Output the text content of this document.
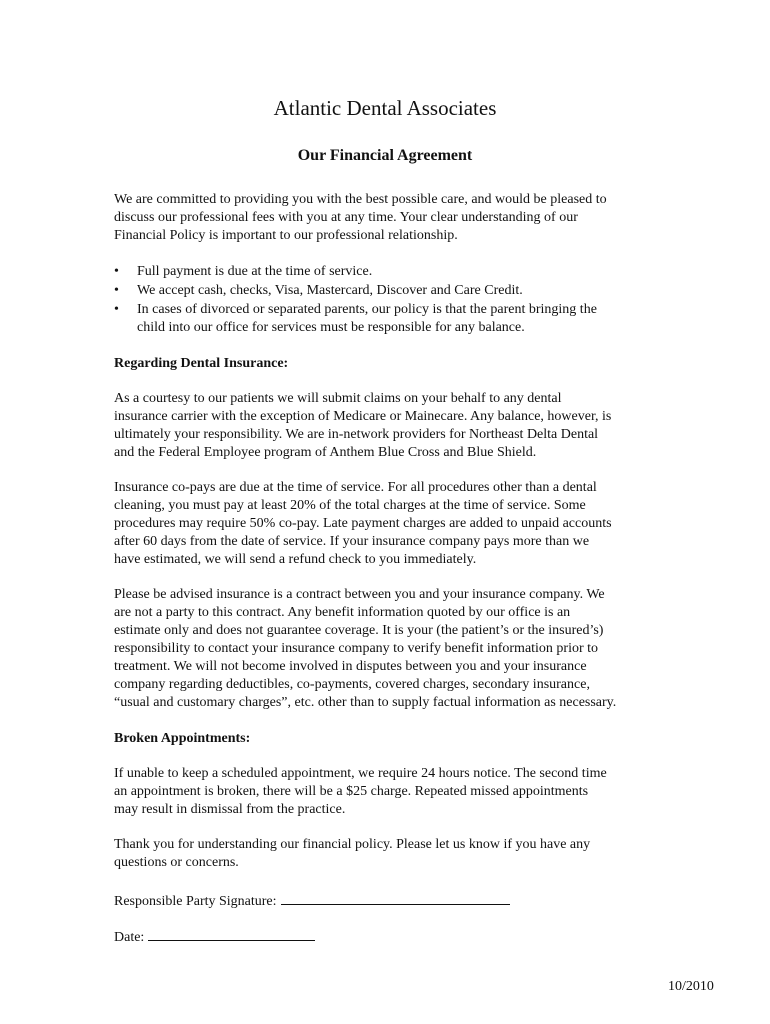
Atlantic Dental Associates
Our Financial Agreement
We are committed to providing you with the best possible care, and would be pleased to
discuss our professional fees with you at any time. Your clear understanding of our
Financial Policy is important to our professional relationship.
• Full payment is due at the time of service.
• We accept cash, checks, Visa, Mastercard, Discover and Care Credit.
• In cases of divorced or separated parents, our policy is that the parent bringing the
child into our office for services must be responsible for any balance.
Regarding Dental Insurance:
As a courtesy to our patients we will submit claims on your behalf to any dental
insurance carrier with the exception of Medicare or Mainecare. Any balance, however, is
ultimately your responsibility. We are in-network providers for Northeast Delta Dental
and the Federal Employee program of Anthem Blue Cross and Blue Shield.
Insurance co-pays are due at the time of service. For all procedures other than a dental
cleaning, you must pay at least 20% of the total charges at the time of service. Some
procedures may require 50% co-pay. Late payment charges are added to unpaid accounts
after 60 days from the date of service. If your insurance company pays more than we
have estimated, we will send a refund check to you immediately.
Please be advised insurance is a contract between you and your insurance company. We
are not a party to this contract. Any benefit information quoted by our office is an
estimate only and does not guarantee coverage. It is your (the patient’s or the insured’s)
responsibility to contact your insurance company to verify benefit information prior to
treatment. We will not become involved in disputes between you and your insurance
company regarding deductibles, co-payments, covered charges, secondary insurance,
“usual and customary charges”, etc. other than to supply factual information as necessary.
Broken Appointments:
If unable to keep a scheduled appointment, we require 24 hours notice. The second time
an appointment is broken, there will be a $25 charge. Repeated missed appointments
may result in dismissal from the practice.
Thank you for understanding our financial policy. Please let us know if you have any
questions or concerns.
Responsible Party Signature:
Date:
10/2010
